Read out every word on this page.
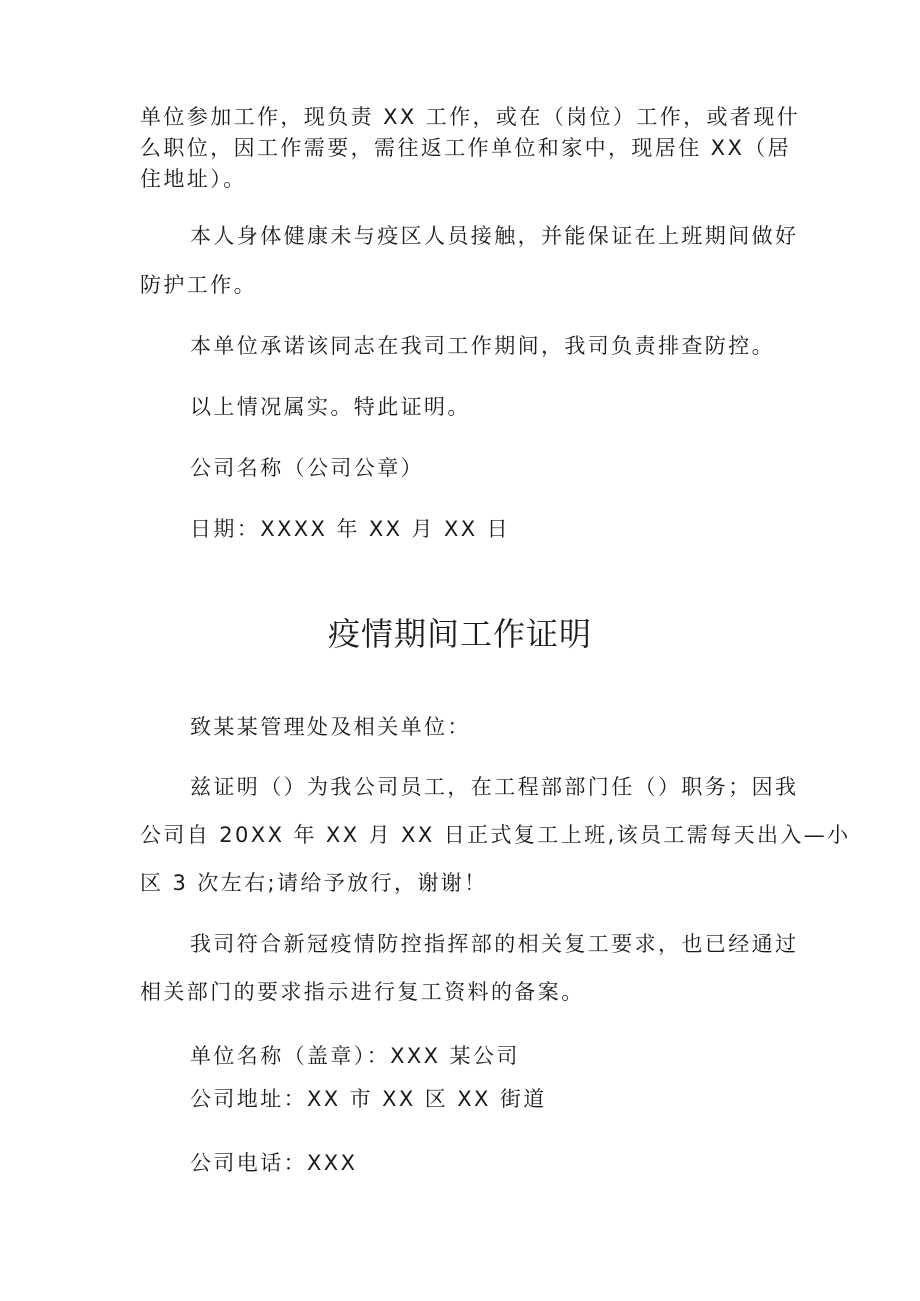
单位参加工作，现负责 XX 工作，或在（岗位）工作，或者现什
么职位，因工作需要，需往返工作单位和家中，现居住 XX（居
住地址）。
本人身体健康未与疫区人员接触，并能保证在上班期间做好
防护工作。
本单位承诺该同志在我司工作期间，我司负责排查防控。
以上情况属实。特此证明。
公司名称（公司公章）
日期：XXXX 年 XX 月 XX 日
疫情期间工作证明
致某某管理处及相关单位：
兹证明（）为我公司员工，在工程部部门任（）职务；因我
公司自 20XX 年 XX 月 XX 日正式复工上班,该员工需每天出入—小
区 3 次左右;请给予放行，谢谢！
我司符合新冠疫情防控指挥部的相关复工要求，也已经通过
相关部门的要求指示进行复工资料的备案。
单位名称（盖章）：XXX 某公司
公司地址：XX 市 XX 区 XX 街道
公司电话：XXX
